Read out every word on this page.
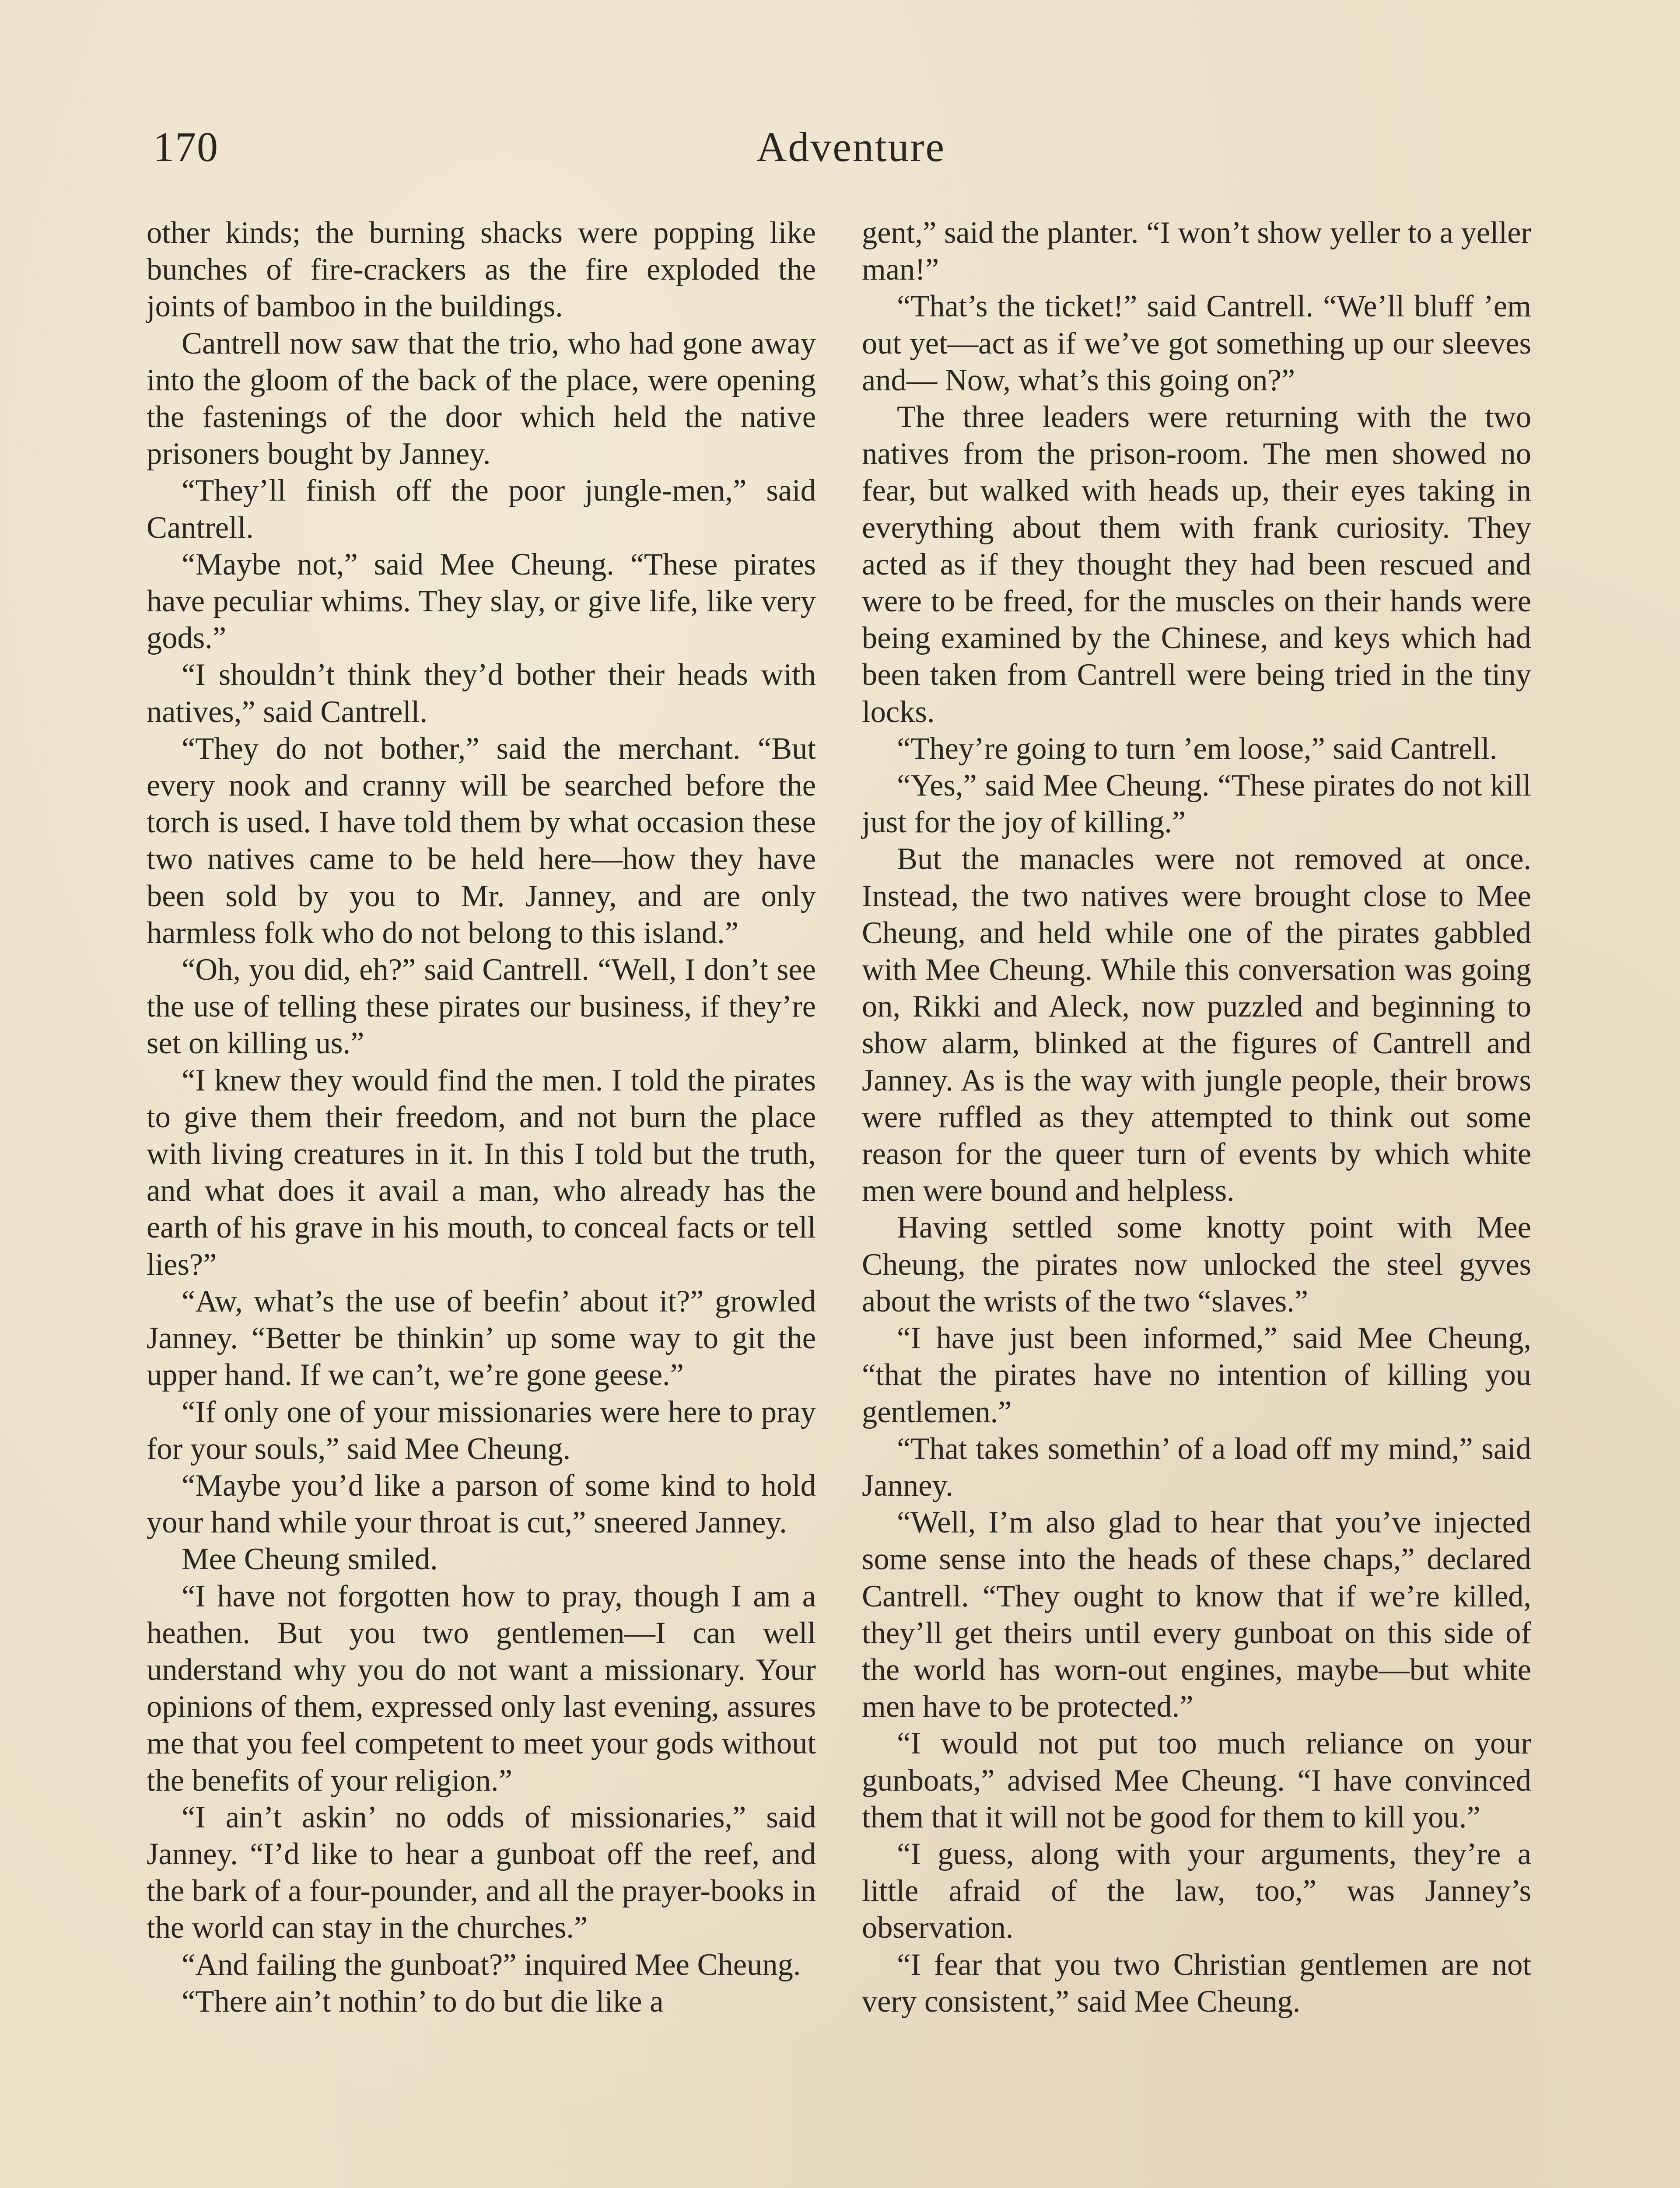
170	Adventure

other kinds; the burning shacks were popping like bunches of fire-crackers as the fire exploded the joints of bamboo in the buildings.

Cantrell now saw that the trio, who had gone away into the gloom of the back of the place, were opening the fastenings of the door which held the native prisoners bought by Janney.

“They’ll finish off the poor jungle-men,” said Cantrell.

“Maybe not,” said Mee Cheung. “These pirates have peculiar whims. They slay, or give life, like very gods.”

“I shouldn’t think they’d bother their heads with natives,” said Cantrell.

“They do not bother,” said the merchant. “But every nook and cranny will be searched before the torch is used. I have told them by what occasion these two natives came to be held here—how they have been sold by you to Mr. Janney, and are only harmless folk who do not belong to this island.”

“Oh, you did, eh?” said Cantrell. “Well, I don’t see the use of telling these pirates our business, if they’re set on killing us.”

“I knew they would find the men. I told the pirates to give them their freedom, and not burn the place with living creatures in it. In this I told but the truth, and what does it avail a man, who already has the earth of his grave in his mouth, to conceal facts or tell lies?”

“Aw, what’s the use of beefin’ about it?” growled Janney. “Better be thinkin’ up some way to git the upper hand. If we can’t, we’re gone geese.”

“If only one of your missionaries were here to pray for your souls,” said Mee Cheung.

“Maybe you’d like a parson of some kind to hold your hand while your throat is cut,” sneered Janney.

Mee Cheung smiled.

“I have not forgotten how to pray, though I am a heathen. But you two gentlemen—I can well understand why you do not want a missionary. Your opinions of them, expressed only last evening, assures me that you feel competent to meet your gods without the benefits of your religion.”

“I ain’t askin’ no odds of missionaries,” said Janney. “I’d like to hear a gunboat off the reef, and the bark of a four-pounder, and all the prayer-books in the world can stay in the churches.”

“And failing the gunboat?” inquired Mee Cheung.

“There ain’t nothin’ to do but die like a

gent,” said the planter. “I won’t show yeller to a yeller man!”

“That’s the ticket!” said Cantrell. “We’ll bluff ’em out yet—act as if we’ve got something up our sleeves and— Now, what’s this going on?”

The three leaders were returning with the two natives from the prison-room. The men showed no fear, but walked with heads up, their eyes taking in everything about them with frank curiosity. They acted as if they thought they had been rescued and were to be freed, for the muscles on their hands were being examined by the Chinese, and keys which had been taken from Cantrell were being tried in the tiny locks.

“They’re going to turn ’em loose,” said Cantrell.

“Yes,” said Mee Cheung. “These pirates do not kill just for the joy of killing.”

But the manacles were not removed at once. Instead, the two natives were brought close to Mee Cheung, and held while one of the pirates gabbled with Mee Cheung. While this conversation was going on, Rikki and Aleck, now puzzled and beginning to show alarm, blinked at the figures of Cantrell and Janney. As is the way with jungle people, their brows were ruffled as they attempted to think out some reason for the queer turn of events by which white men were bound and helpless.

Having settled some knotty point with Mee Cheung, the pirates now unlocked the steel gyves about the wrists of the two “slaves.”

“I have just been informed,” said Mee Cheung, “that the pirates have no intention of killing you gentlemen.”

“That takes somethin’ of a load off my mind,” said Janney.

“Well, I’m also glad to hear that you’ve injected some sense into the heads of these chaps,” declared Cantrell. “They ought to know that if we’re killed, they’ll get theirs until every gunboat on this side of the world has worn-out engines, maybe—but white men have to be protected.”

“I would not put too much reliance on your gunboats,” advised Mee Cheung. “I have convinced them that it will not be good for them to kill you.”

“I guess, along with your arguments, they’re a little afraid of the law, too,” was Janney’s observation.

“I fear that you two Christian gentlemen are not very consistent,” said Mee Cheung.
